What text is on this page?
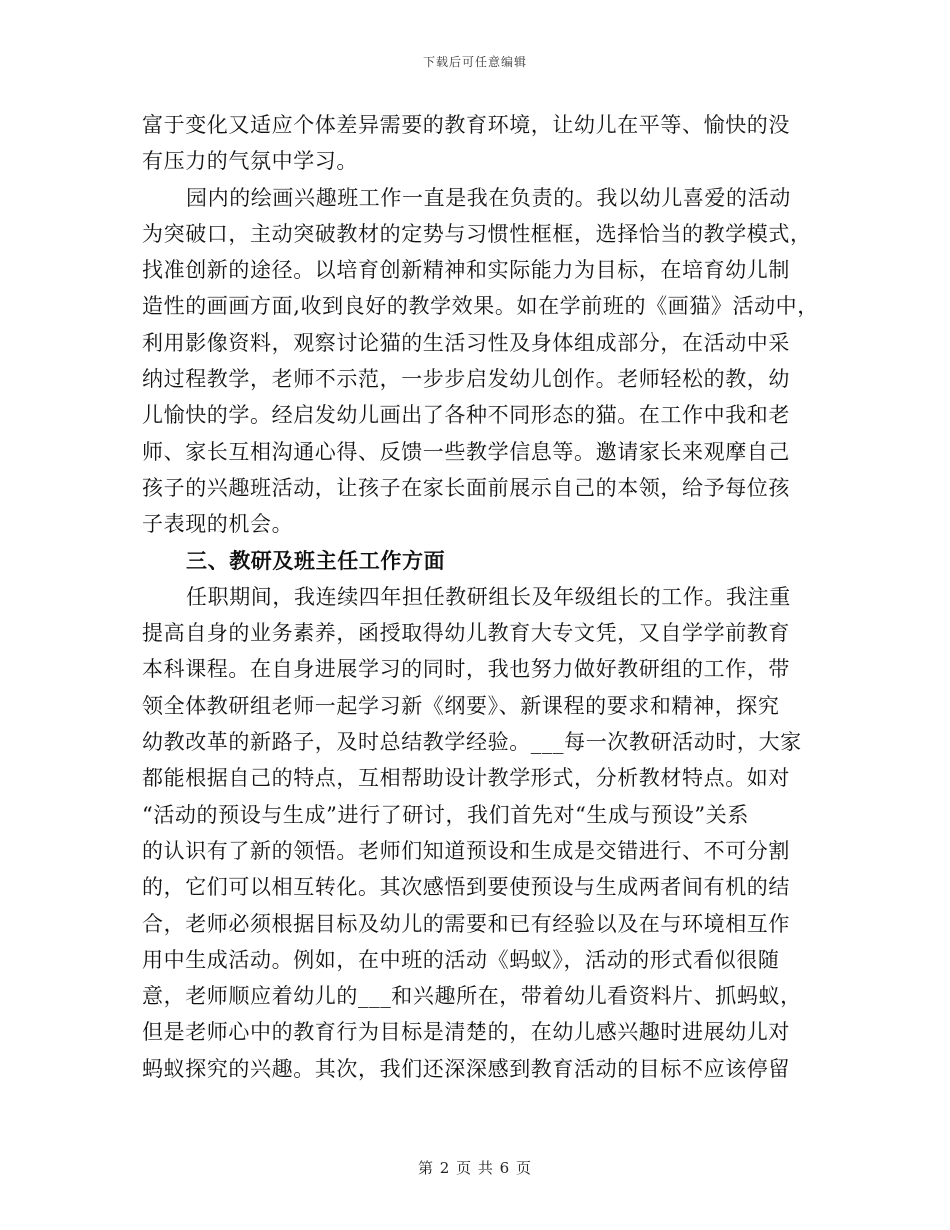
下载后可任意编辑
富于变化又适应个体差异需要的教育环境，让幼儿在平等、愉快的没
有压力的气氛中学习。
园内的绘画兴趣班工作一直是我在负责的。我以幼儿喜爱的活动
为突破口，主动突破教材的定势与习惯性框框，选择恰当的教学模式，
找准创新的途径。以培育创新精神和实际能力为目标，在培育幼儿制
造性的画画方面,收到良好的教学效果。如在学前班的《画猫》活动中，
利用影像资料，观察讨论猫的生活习性及身体组成部分，在活动中采
纳过程教学，老师不示范，一步步启发幼儿创作。老师轻松的教，幼
儿愉快的学。经启发幼儿画出了各种不同形态的猫。在工作中我和老
师、家长互相沟通心得、反馈一些教学信息等。邀请家长来观摩自己
孩子的兴趣班活动，让孩子在家长面前展示自己的本领，给予每位孩
子表现的机会。
三、教研及班主任工作方面
任职期间，我连续四年担任教研组长及年级组长的工作。我注重
提高自身的业务素养，函授取得幼儿教育大专文凭，又自学学前教育
本科课程。在自身进展学习的同时，我也努力做好教研组的工作，带
领全体教研组老师一起学习新《纲要》、新课程的要求和精神，探究
幼教改革的新路子，及时总结教学经验。___每一次教研活动时，大家
都能根据自己的特点，互相帮助设计教学形式，分析教材特点。如对
“活动的预设与生成”进行了研讨，我们首先对“生成与预设”关系
的认识有了新的领悟。老师们知道预设和生成是交错进行、不可分割
的，它们可以相互转化。其次感悟到要使预设与生成两者间有机的结
合，老师必须根据目标及幼儿的需要和已有经验以及在与环境相互作
用中生成活动。例如，在中班的活动《蚂蚁》，活动的形式看似很随
意，老师顺应着幼儿的___和兴趣所在，带着幼儿看资料片、抓蚂蚁，
但是老师心中的教育行为目标是清楚的，在幼儿感兴趣时进展幼儿对
蚂蚁探究的兴趣。其次，我们还深深感到教育活动的目标不应该停留
第 2 页 共 6 页
